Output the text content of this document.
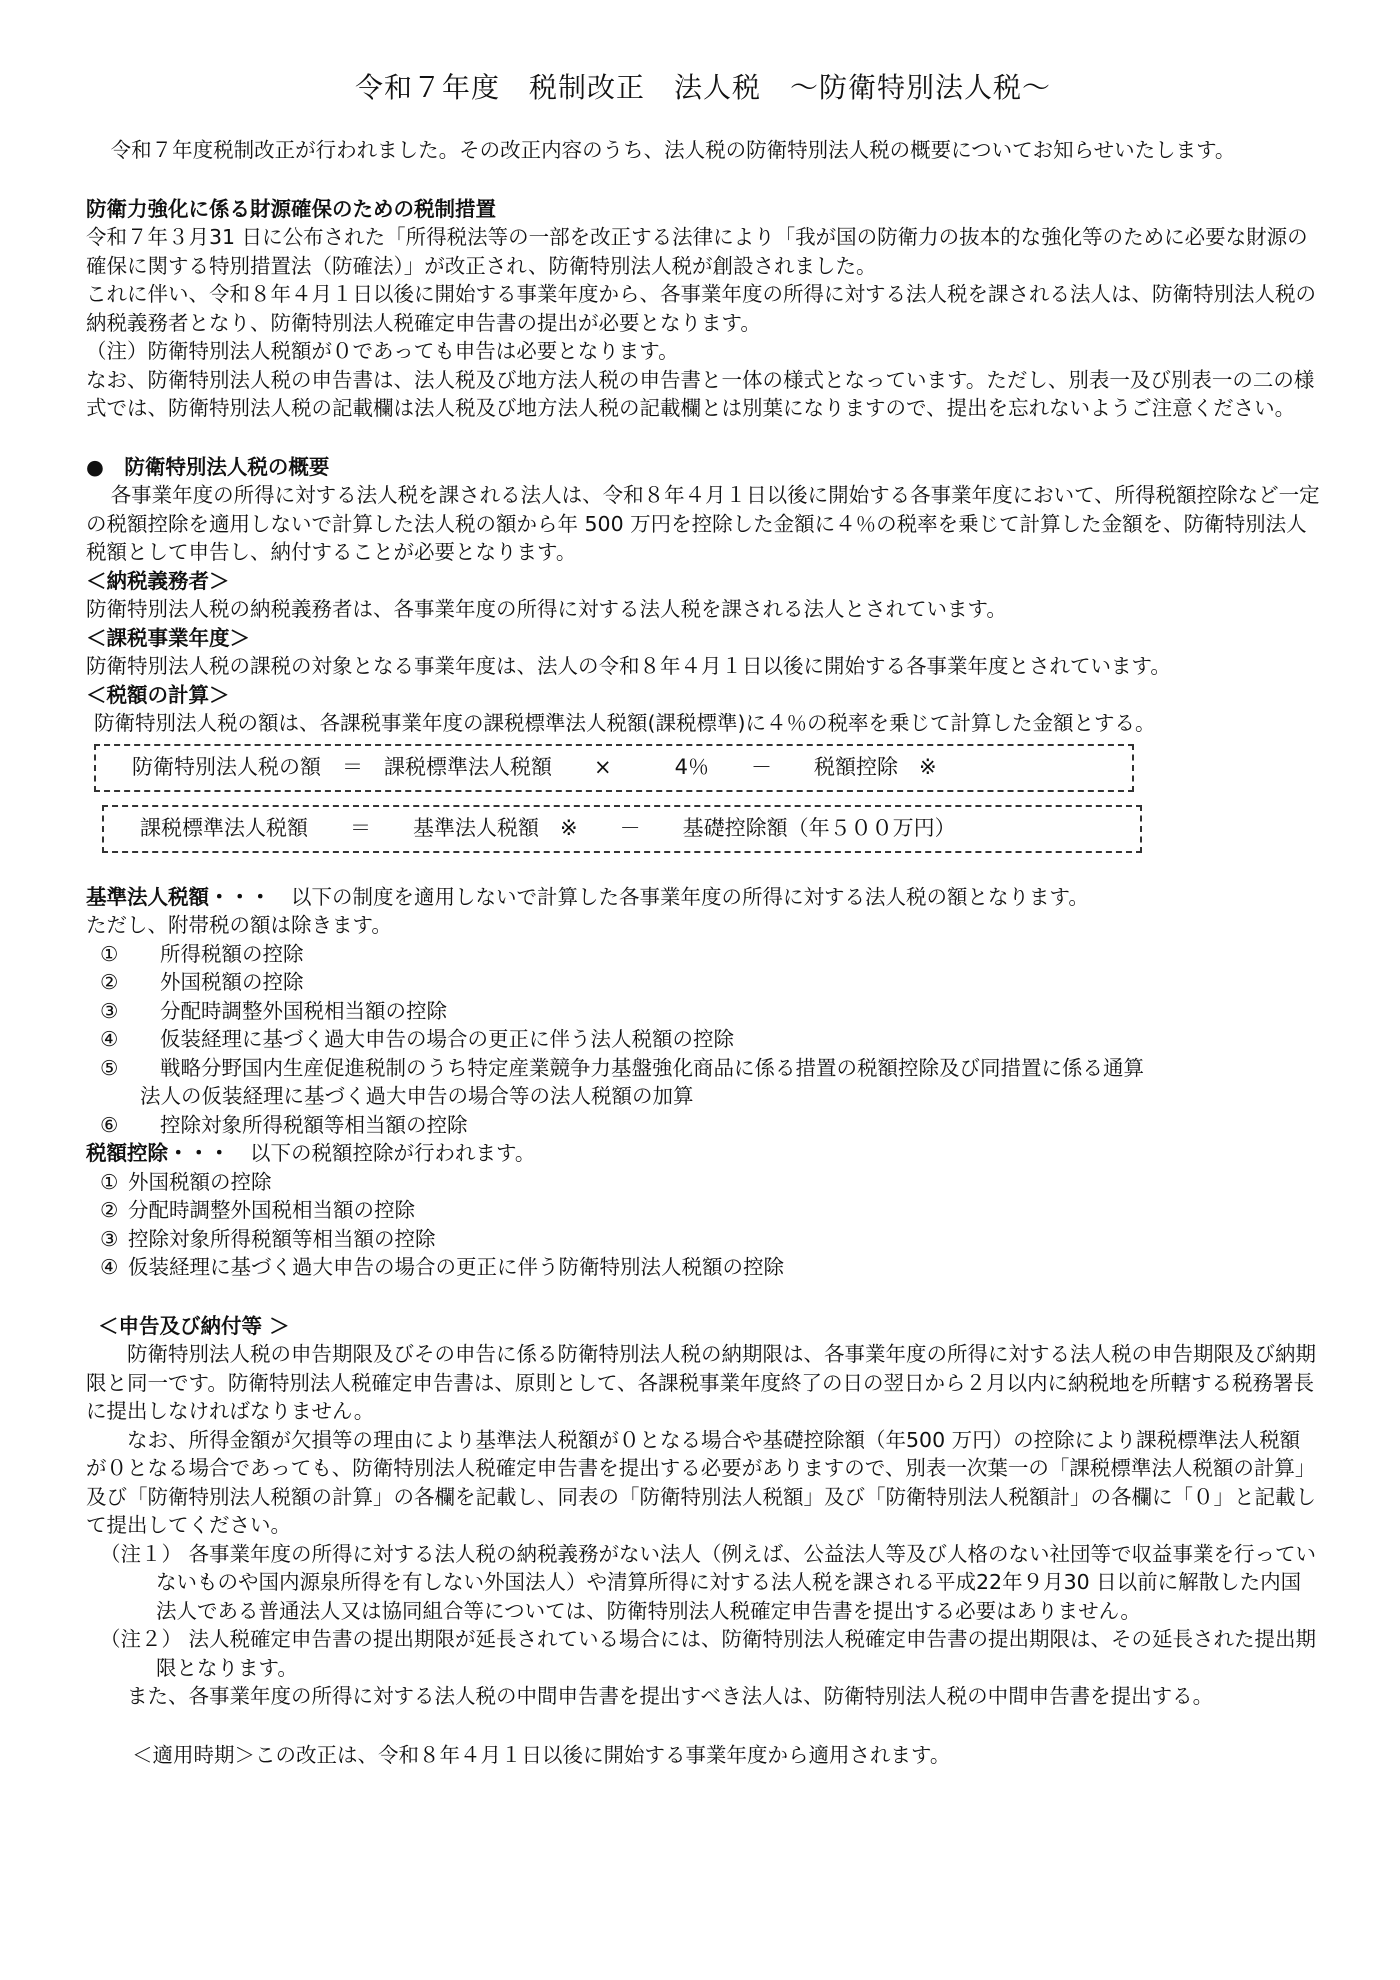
令和７年度　税制改正　法人税　～防衛特別法人税～

令和７年度税制改正が行われました。その改正内容のうち、法人税の防衛特別法人税の概要についてお知らせいたします。

防衛力強化に係る財源確保のための税制措置

令和７年３月31 日に公布された「所得税法等の一部を改正する法律により「我が国の防衛力の抜本的な強化等のために必要な財源の確保に関する特別措置法（防確法）」が改正され、防衛特別法人税が創設されました。

これに伴い、令和８年４月１日以後に開始する事業年度から、各事業年度の所得に対する法人税を課される法人は、防衛特別法人税の納税義務者となり、防衛特別法人税確定申告書の提出が必要となります。

（注）防衛特別法人税額が０であっても申告は必要となります。

なお、防衛特別法人税の申告書は、法人税及び地方法人税の申告書と一体の様式となっています。ただし、別表一及び別表一の二の様式では、防衛特別法人税の記載欄は法人税及び地方法人税の記載欄とは別葉になりますので、提出を忘れないようご注意ください。

●　防衛特別法人税の概要

各事業年度の所得に対する法人税を課される法人は、令和８年４月１日以後に開始する各事業年度において、所得税額控除など一定の税額控除を適用しないで計算した法人税の額から年 500 万円を控除した金額に４％の税率を乗じて計算した金額を、防衛特別法人税額として申告し、納付することが必要となります。

＜納税義務者＞

防衛特別法人税の納税義務者は、各事業年度の所得に対する法人税を課される法人とされています。

＜課税事業年度＞

防衛特別法人税の課税の対象となる事業年度は、法人の令和８年４月１日以後に開始する各事業年度とされています。

＜税額の計算＞

防衛特別法人税の額は、各課税事業年度の課税標準法人税額(課税標準)に４％の税率を乗じて計算した金額とする。

防衛特別法人税の額　＝　課税標準法人税額　　×　　　4％　　－　　税額控除　※
課税標準法人税額　　＝　　基準法人税額　※　　－　　基礎控除額（年５００万円）

基準法人税額・・・　以下の制度を適用しないで計算した各事業年度の所得に対する法人税の額となります。

ただし、附帯税の額は除きます。

① 所得税額の控除
② 外国税額の控除
③ 分配時調整外国税相当額の控除
④ 仮装経理に基づく過大申告の場合の更正に伴う法人税額の控除
⑤ 戦略分野国内生産促進税制のうち特定産業競争力基盤強化商品に係る措置の税額控除及び同措置に係る通算
法人の仮装経理に基づく過大申告の場合等の法人税額の加算
⑥ 控除対象所得税額等相当額の控除

税額控除・・・　以下の税額控除が行われます。

① 外国税額の控除
② 分配時調整外国税相当額の控除
③ 控除対象所得税額等相当額の控除
④ 仮装経理に基づく過大申告の場合の更正に伴う防衛特別法人税額の控除

＜申告及び納付等 ＞

防衛特別法人税の申告期限及びその申告に係る防衛特別法人税の納期限は、各事業年度の所得に対する法人税の申告期限及び納期限と同一です。防衛特別法人税確定申告書は、原則として、各課税事業年度終了の日の翌日から２月以内に納税地を所轄する税務署長に提出しなければなりません。

なお、所得金額が欠損等の理由により基準法人税額が０となる場合や基礎控除額（年500 万円）の控除により課税標準法人税額が０となる場合であっても、防衛特別法人税確定申告書を提出する必要がありますので、別表一次葉一の「課税標準法人税額の計算」及び「防衛特別法人税額の計算」の各欄を記載し、同表の「防衛特別法人税額」及び「防衛特別法人税額計」の各欄に「０」と記載して提出してください。

（注１） 各事業年度の所得に対する法人税の納税義務がない法人（例えば、公益法人等及び人格のない社団等で収益事業を行っていないものや国内源泉所得を有しない外国法人）や清算所得に対する法人税を課される平成22年９月30 日以前に解散した内国法人である普通法人又は協同組合等については、防衛特別法人税確定申告書を提出する必要はありません。

（注２） 法人税確定申告書の提出期限が延長されている場合には、防衛特別法人税確定申告書の提出期限は、その延長された提出期限となります。

また、各事業年度の所得に対する法人税の中間申告書を提出すべき法人は、防衛特別法人税の中間申告書を提出する。

＜適用時期＞この改正は、令和８年４月１日以後に開始する事業年度から適用されます。
